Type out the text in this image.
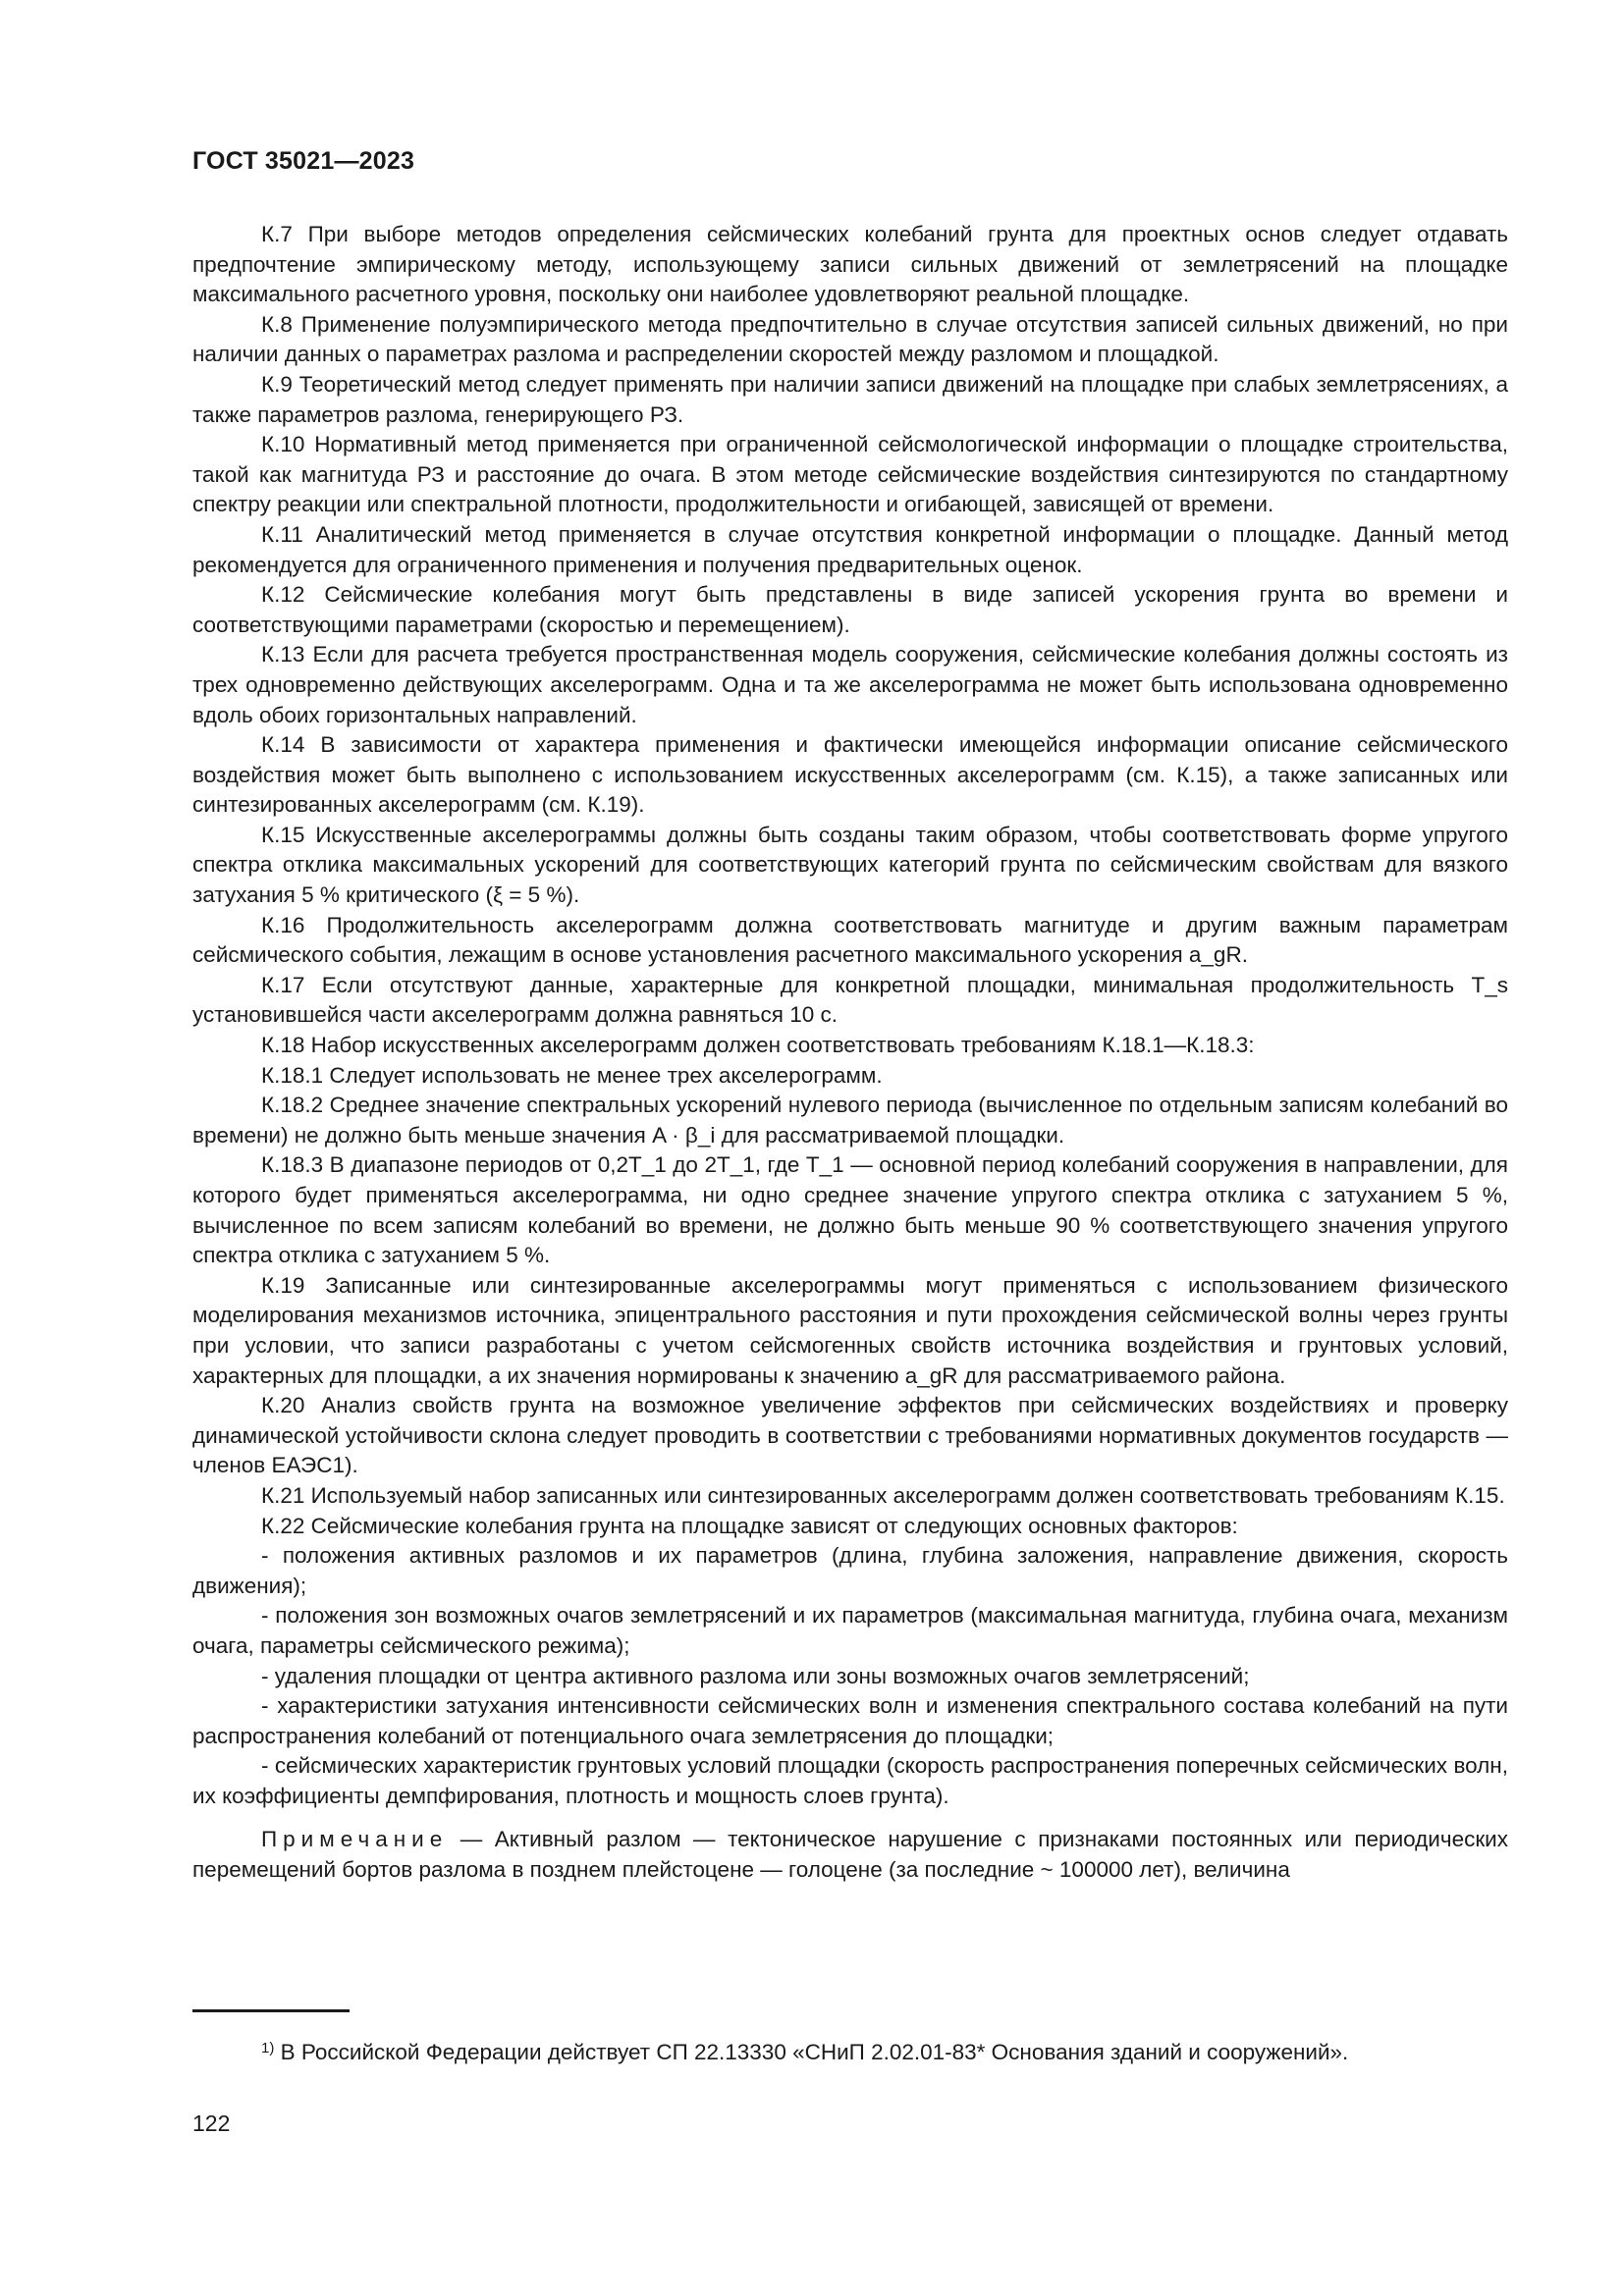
ГОСТ 35021—2023

К.7 При выборе методов определения сейсмических колебаний грунта для проектных основ следует отдавать предпочтение эмпирическому методу, использующему записи сильных движений от землетрясений на площадке максимального расчетного уровня, поскольку они наиболее удовлетворяют реальной площадке.

К.8 Применение полуэмпирического метода предпочтительно в случае отсутствия записей сильных движений, но при наличии данных о параметрах разлома и распределении скоростей между разломом и площадкой.

К.9 Теоретический метод следует применять при наличии записи движений на площадке при слабых землетрясениях, а также параметров разлома, генерирующего РЗ.

К.10 Нормативный метод применяется при ограниченной сейсмологической информации о площадке строительства, такой как магнитуда РЗ и расстояние до очага. В этом методе сейсмические воздействия синтезируются по стандартному спектру реакции или спектральной плотности, продолжительности и огибающей, зависящей от времени.

К.11 Аналитический метод применяется в случае отсутствия конкретной информации о площадке. Данный метод рекомендуется для ограниченного применения и получения предварительных оценок.

К.12 Сейсмические колебания могут быть представлены в виде записей ускорения грунта во времени и соответствующими параметрами (скоростью и перемещением).

К.13 Если для расчета требуется пространственная модель сооружения, сейсмические колебания должны состоять из трех одновременно действующих акселерограмм. Одна и та же акселерограмма не может быть использована одновременно вдоль обоих горизонтальных направлений.

К.14 В зависимости от характера применения и фактически имеющейся информации описание сейсмического воздействия может быть выполнено с использованием искусственных акселерограмм (см. К.15), а также записанных или синтезированных акселерограмм (см. К.19).

К.15 Искусственные акселерограммы должны быть созданы таким образом, чтобы соответствовать форме упругого спектра отклика максимальных ускорений для соответствующих категорий грунта по сейсмическим свойствам для вязкого затухания 5 % критического (ξ = 5 %).

К.16 Продолжительность акселерограмм должна соответствовать магнитуде и другим важным параметрам сейсмического события, лежащим в основе установления расчетного максимального ускорения a_gR.

К.17 Если отсутствуют данные, характерные для конкретной площадки, минимальная продолжительность T_s установившейся части акселерограмм должна равняться 10 с.

К.18 Набор искусственных акселерограмм должен соответствовать требованиям К.18.1—К.18.3:

К.18.1 Следует использовать не менее трех акселерограмм.

К.18.2 Среднее значение спектральных ускорений нулевого периода (вычисленное по отдельным записям колебаний во времени) не должно быть меньше значения A · β_i для рассматриваемой площадки.

К.18.3 В диапазоне периодов от 0,2T_1 до 2T_1, где T_1 — основной период колебаний сооружения в направлении, для которого будет применяться акселерограмма, ни одно среднее значение упругого спектра отклика с затуханием 5 %, вычисленное по всем записям колебаний во времени, не должно быть меньше 90 % соответствующего значения упругого спектра отклика с затуханием 5 %.

К.19 Записанные или синтезированные акселерограммы могут применяться с использованием физического моделирования механизмов источника, эпицентрального расстояния и пути прохождения сейсмической волны через грунты при условии, что записи разработаны с учетом сейсмогенных свойств источника воздействия и грунтовых условий, характерных для площадки, а их значения нормированы к значению a_gR для рассматриваемого района.

К.20 Анализ свойств грунта на возможное увеличение эффектов при сейсмических воздействиях и проверку динамической устойчивости склона следует проводить в соответствии с требованиями нормативных документов государств — членов ЕАЭС1).

К.21 Используемый набор записанных или синтезированных акселерограмм должен соответствовать требованиям К.15.

К.22 Сейсмические колебания грунта на площадке зависят от следующих основных факторов:

- положения активных разломов и их параметров (длина, глубина заложения, направление движения, скорость движения);

- положения зон возможных очагов землетрясений и их параметров (максимальная магнитуда, глубина очага, механизм очага, параметры сейсмического режима);

- удаления площадки от центра активного разлома или зоны возможных очагов землетрясений;

- характеристики затухания интенсивности сейсмических волн и изменения спектрального состава колебаний на пути распространения колебаний от потенциального очага землетрясения до площадки;

- сейсмических характеристик грунтовых условий площадки (скорость распространения поперечных сейсмических волн, их коэффициенты демпфирования, плотность и мощность слоев грунта).

Примечание — Активный разлом — тектоническое нарушение с признаками постоянных или периодических перемещений бортов разлома в позднем плейстоцене — голоцене (за последние ~ 100000 лет), величина

$^{1)}$ В Российской Федерации действует СП 22.13330 «СНиП 2.02.01-83* Основания зданий и сооружений».
122
